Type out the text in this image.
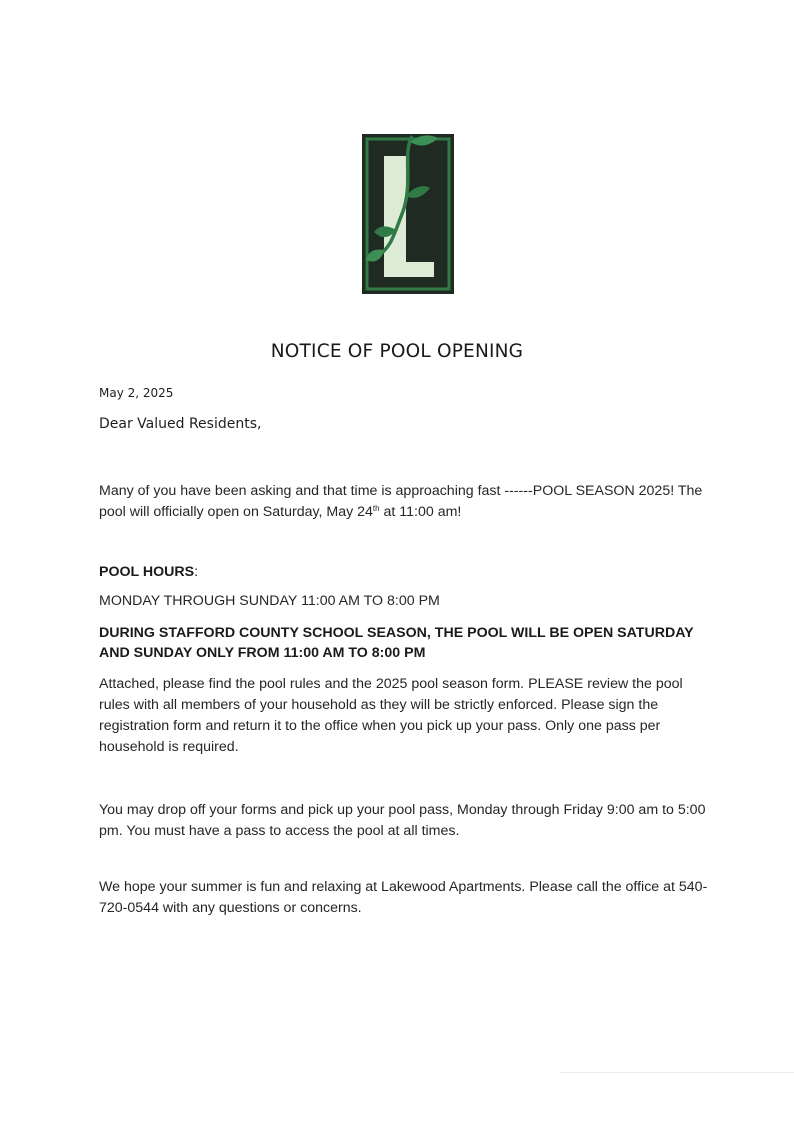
NOTICE OF POOL OPENING
May 2, 2025
Dear Valued Residents,
Many of you have been asking and that time is approaching fast ------POOL SEASON 2025! The pool will officially open on Saturday, May 24th at 11:00 am!
POOL HOURS:
MONDAY THROUGH SUNDAY 11:00 AM TO 8:00 PM
DURING STAFFORD COUNTY SCHOOL SEASON, THE POOL WILL BE OPEN SATURDAY AND SUNDAY ONLY FROM 11:00 AM TO 8:00 PM
Attached, please find the pool rules and the 2025 pool season form. PLEASE review the pool rules with all members of your household as they will be strictly enforced. Please sign the registration form and return it to the office when you pick up your pass. Only one pass per household is required.
You may drop off your forms and pick up your pool pass, Monday through Friday 9:00 am to 5:00 pm. You must have a pass to access the pool at all times.
We hope your summer is fun and relaxing at Lakewood Apartments. Please call the office at 540-720-0544 with any questions or concerns.
